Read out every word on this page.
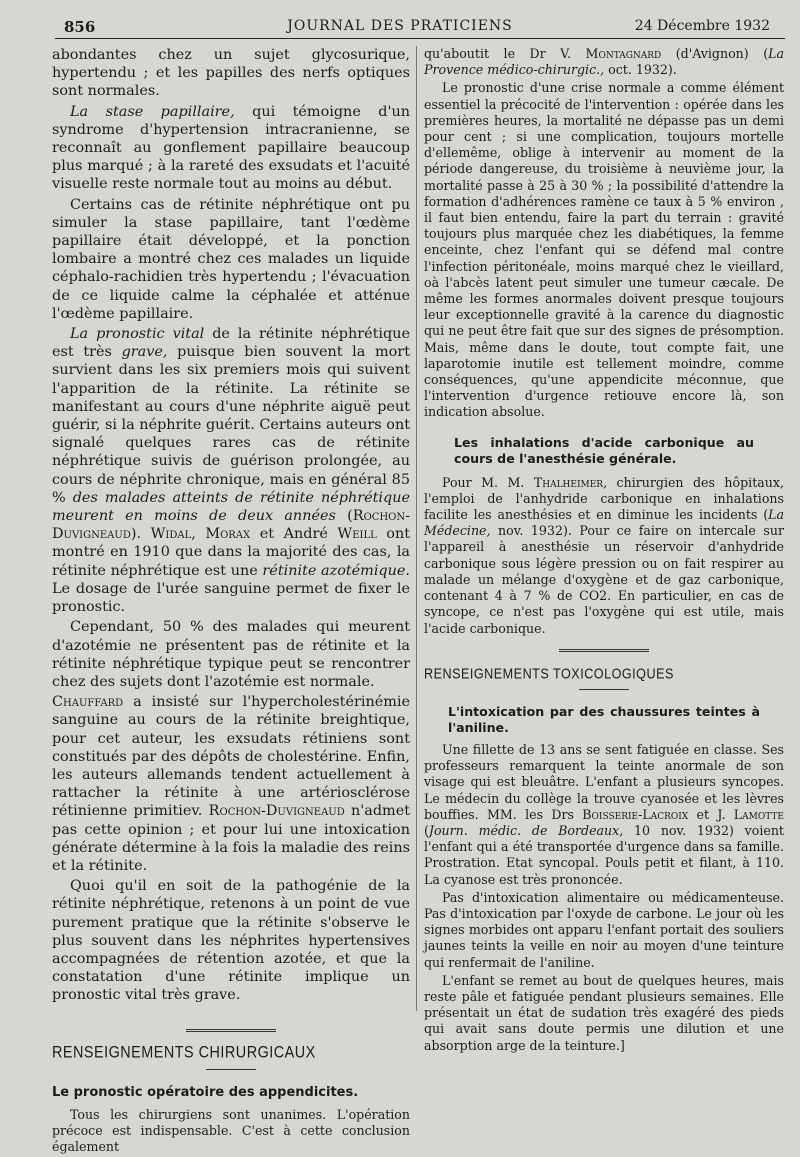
856	JOURNAL DES PRATICIENS	24 Décembre 1932

abondantes chez un sujet glycosurique, hypertendu ; et les papilles des nerfs optiques sont normales.

La stase papillaire, qui témoigne d'un syndrome d'hypertension intracranienne, se reconnaît au gonflement papillaire beaucoup plus marqué ; à la rareté des exsudats et l'acuité visuelle reste normale tout au moins au début.

Certains cas de rétinite néphrétique ont pu simuler la stase papillaire, tant l'œdème papillaire était développé, et la ponction lombaire a montré chez ces malades un liquide céphalo-rachidien très hypertendu ; l'évacuation de ce liquide calme la céphalée et atténue l'œdème papillaire.

La pronostic vital de la rétinite néphrétique est très grave, puisque bien souvent la mort survient dans les six premiers mois qui suivent l'apparition de la rétinite. La rétinite se manifestant au cours d'une néphrite aiguë peut guérir, si la néphrite guérit. Certains auteurs ont signalé quelques rares cas de rétinite néphrétique suivis de guérison prolongée, au cours de néphrite chronique, mais en général 85 % des malades atteints de rétinite néphrétique meurent en moins de deux années (Rochon-Duvigneaud). Widal, Morax et André Weill ont montré en 1910 que dans la majorité des cas, la rétinite néphrétique est une rétinite azotémique. Le dosage de l'urée sanguine permet de fixer le pronostic.

Cependant, 50 % des malades qui meurent d'azotémie ne présentent pas de rétinite et la rétinite néphrétique typique peut se rencontrer chez des sujets dont l'azotémie est normale.

Chauffard a insisté sur l'hypercholestérinémie sanguine au cours de la rétinite breightique, pour cet auteur, les exsudats rétiniens sont constitués par des dépôts de cholestérine. Enfin, les auteurs allemands tendent actuellement à rattacher la rétinite à une artériosclérose rétinienne primitiev. Rochon-Duvigneaud n'admet pas cette opinion ; et pour lui une intoxication générate détermine à la fois la maladie des reins et la rétinite.

Quoi qu'il en soit de la pathogénie de la rétinite néphrétique, retenons à un point de vue purement pratique que la rétinite s'observe le plus souvent dans les néphrites hypertensives accompagnées de rétention azotée, et que la constatation d'une rétinite implique un pronostic vital très grave.

RENSEIGNEMENTS CHIRURGICAUX

Le pronostic opératoire des appendicites.

Tous les chirurgiens sont unanimes. L'opération précoce est indispensable. C'est à cette conclusion également

qu'aboutit le Dr V. Montagnard (d'Avignon) (La Provence médico-chirurgic., oct. 1932).

Le pronostic d'une crise normale a comme élément essentiel la précocité de l'intervention : opérée dans les premières heures, la mortalité ne dépasse pas un demi pour cent ; si une complication, toujours mortelle d'ellemême, oblige à intervenir au moment de la période dangereuse, du troisième à neuvième jour, la mortalité passe à 25 à 30 % ; la possibilité d'attendre la formation d'adhérences ramène ce taux à 5 % environ , il faut bien entendu, faire la part du terrain : gravité toujours plus marquée chez les diabétiques, la femme enceinte, chez l'enfant qui se défend mal contre l'infection péritonéale, moins marqué chez le vieillard, oà l'abcès latent peut simuler une tumeur cæcale. De même les formes anormales doivent presque toujours leur exceptionnelle gravité à la carence du diagnostic qui ne peut être fait que sur des signes de présomption. Mais, même dans le doute, tout compte fait, une laparotomie inutile est tellement moindre, comme conséquences, qu'une appendicite méconnue, que l'intervention d'urgence retiouve encore là, son indication absolue.

Les inhalations d'acide carbonique au cours de l'anesthésie générale.

Pour M. M. Thalheimer, chirurgien des hôpitaux, l'emploi de l'anhydride carbonique en inhalations facilite les anesthésies et en diminue les incidents (La Médecine, nov. 1932). Pour ce faire on intercale sur l'appareil à anesthésie un réservoir d'anhydride carbonique sous légère pression ou on fait respirer au malade un mélange d'oxygène et de gaz carbonique, contenant 4 à 7 % de CO2. En particulier, en cas de syncope, ce n'est pas l'oxygène qui est utile, mais l'acide carbonique.

RENSEIGNEMENTS TOXICOLOGIQUES

L'intoxication par des chaussures teintes à l'aniline.

Une fillette de 13 ans se sent fatiguée en classe. Ses professeurs remarquent la teinte anormale de son visage qui est bleuâtre. L'enfant a plusieurs syncopes. Le médecin du collège la trouve cyanosée et les lèvres bouffies. MM. les Drs Boisserie-Lacroix et J. Lamotte (Journ. médic. de Bordeaux, 10 nov. 1932) voient l'enfant qui a été transportée d'urgence dans sa famille. Prostration. Etat syncopal. Pouls petit et filant, à 110. La cyanose est très prononcée.

Pas d'intoxication alimentaire ou médicamenteuse. Pas d'intoxication par l'oxyde de carbone. Le jour où les signes morbides ont apparu l'enfant portait des souliers jaunes teints la veille en noir au moyen d'une teinture qui renfermait de l'aniline.

L'enfant se remet au bout de quelques heures, mais reste pâle et fatiguée pendant plusieurs semaines. Elle présentait un état de sudation très exagéré des pieds qui avait sans doute permis une dilution et une absorption arge de la teinture.]
